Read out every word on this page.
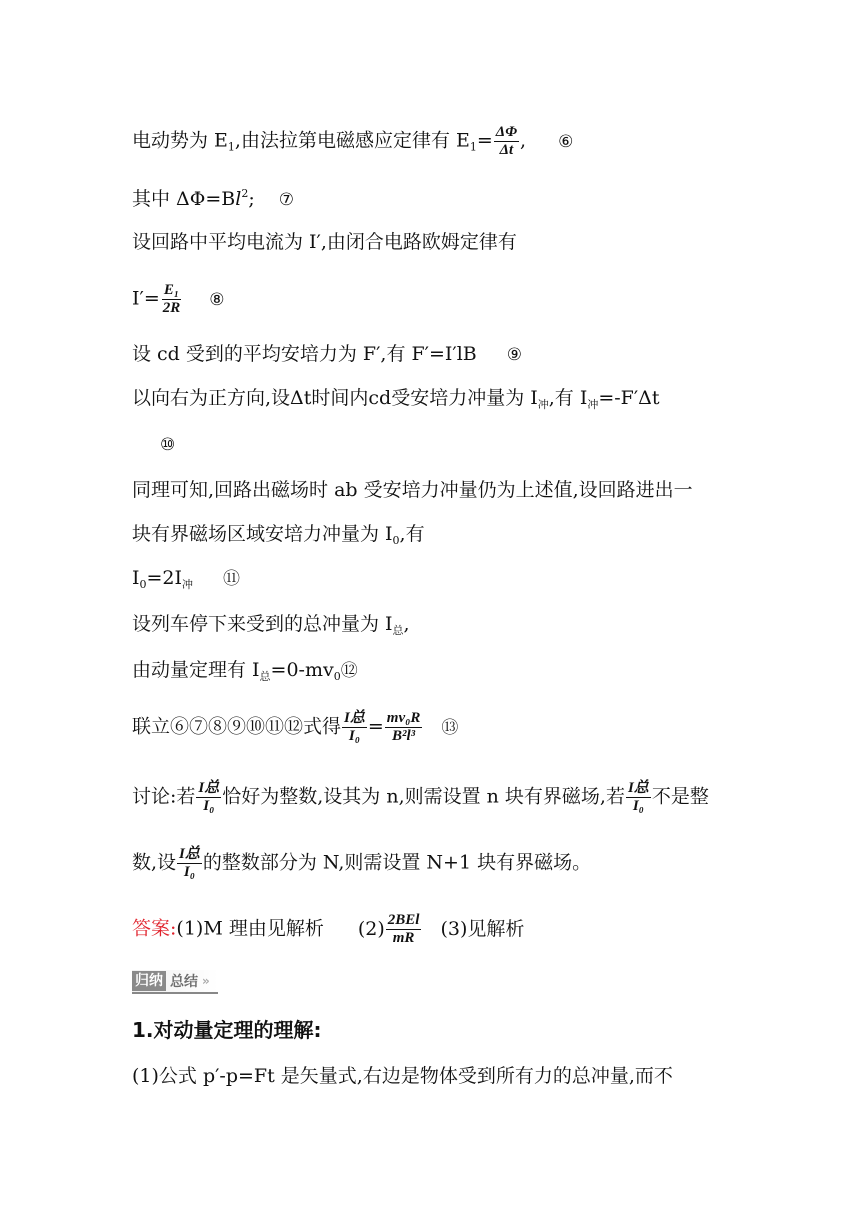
电动势为 $E_1$,由法拉第电磁感应定律有 $E_1= \frac{\Delta\Phi}{\Delta t}$ , ⑥
其中 $\Delta\Phi=Bl^2$; ⑦
设回路中平均电流为 I′,由闭合电路欧姆定律有
$I'= \frac{\text{E₁}}{2R}$ ⑧
设 cd 受到的平均安培力为 F′,有 F′=I′lB ⑨
以向右为正方向,设Δt时间内cd受安培力冲量为 $I_冲$,有 $I_冲=-F'\Delta t$
⑩
同理可知,回路出磁场时 ab 受安培力冲量仍为上述值,设回路进出一
块有界磁场区域安培力冲量为 $I_0$,有
$I_0=2I_冲$ ⑪
设列车停下来受到的总冲量为 $I_总$,
由动量定理有 $I_总=0-mv_0⑫$
联立⑥⑦⑧⑨⑩⑪⑫式得 $\frac{\text{I总}}{\text{I₀}} = \frac{\text{mv₀R}}{\text{B²l³}}$ ⑬
讨论:若 $\frac{\text{I总}}{\text{I₀}}$ 恰好为整数,设其为 n,则需设置 n 块有界磁场,若 $\frac{\text{I总}}{\text{I₀}}$ 不是整
数,设 $\frac{\text{I总}}{\text{I₀}}$ 的整数部分为 N,则需设置 N+1 块有界磁场。
答案:(1)M 理由见解析 $(2) \frac{\text{2BEl}}{mR} (3)$见解析
归纳 总结 »
1.对动量定理的理解:
(1)公式 p′-p=Ft 是矢量式,右边是物体受到所有力的总冲量,而不
